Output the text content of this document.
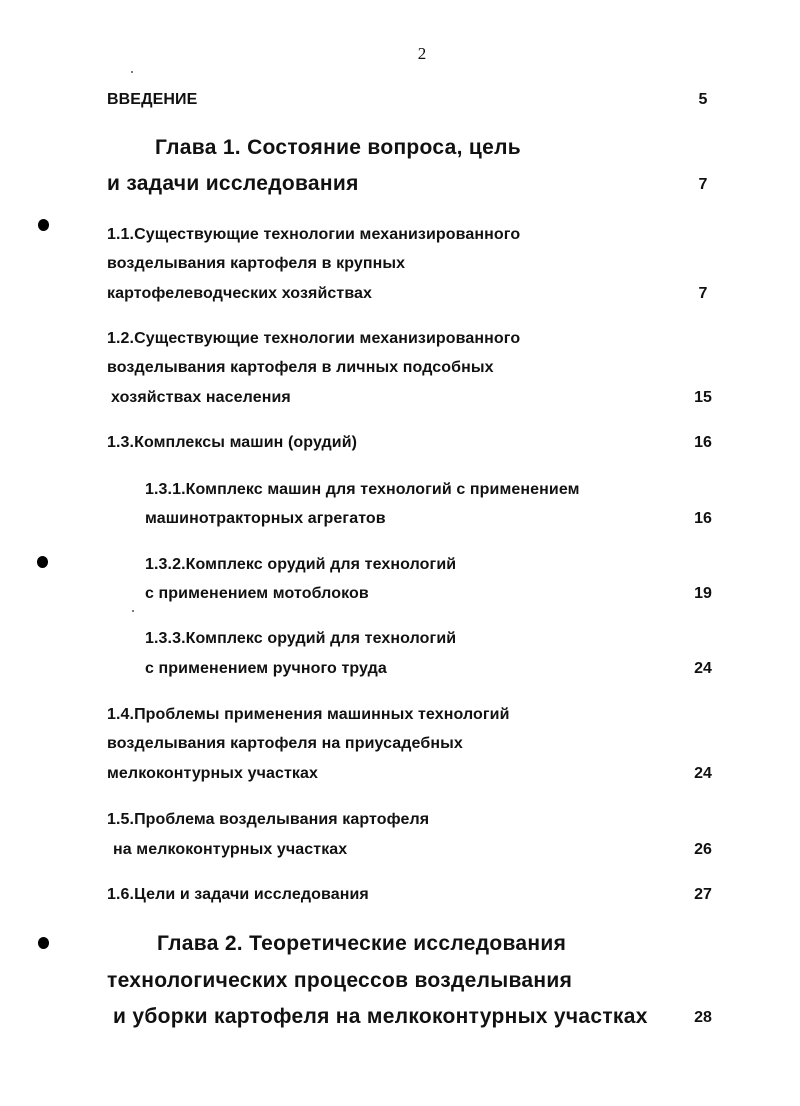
2
ВВЕДЕНИЕ	5
Глава 1. Состояние вопроса, цель
и задачи исследования	7
1.1.Существующие технологии механизированного
возделывания картофеля в крупных
картофелеводческих хозяйствах	7
1.2.Существующие технологии механизированного
возделывания картофеля в личных подсобных
хозяйствах населения	15
1.3.Комплексы машин (орудий)	16
1.3.1.Комплекс машин для технологий с применением
машинотракторных агрегатов	16
1.3.2.Комплекс орудий для технологий
с применением мотоблоков	19
1.3.3.Комплекс орудий для технологий
с применением ручного труда	24
1.4.Проблемы применения машинных технологий
возделывания картофеля на приусадебных
мелкоконтурных участках	24
1.5.Проблема возделывания картофеля
на мелкоконтурных участках	26
1.6.Цели и задачи исследования	27
Глава 2. Теоретические исследования
технологических процессов возделывания
и уборки картофеля на мелкоконтурных участках	28
